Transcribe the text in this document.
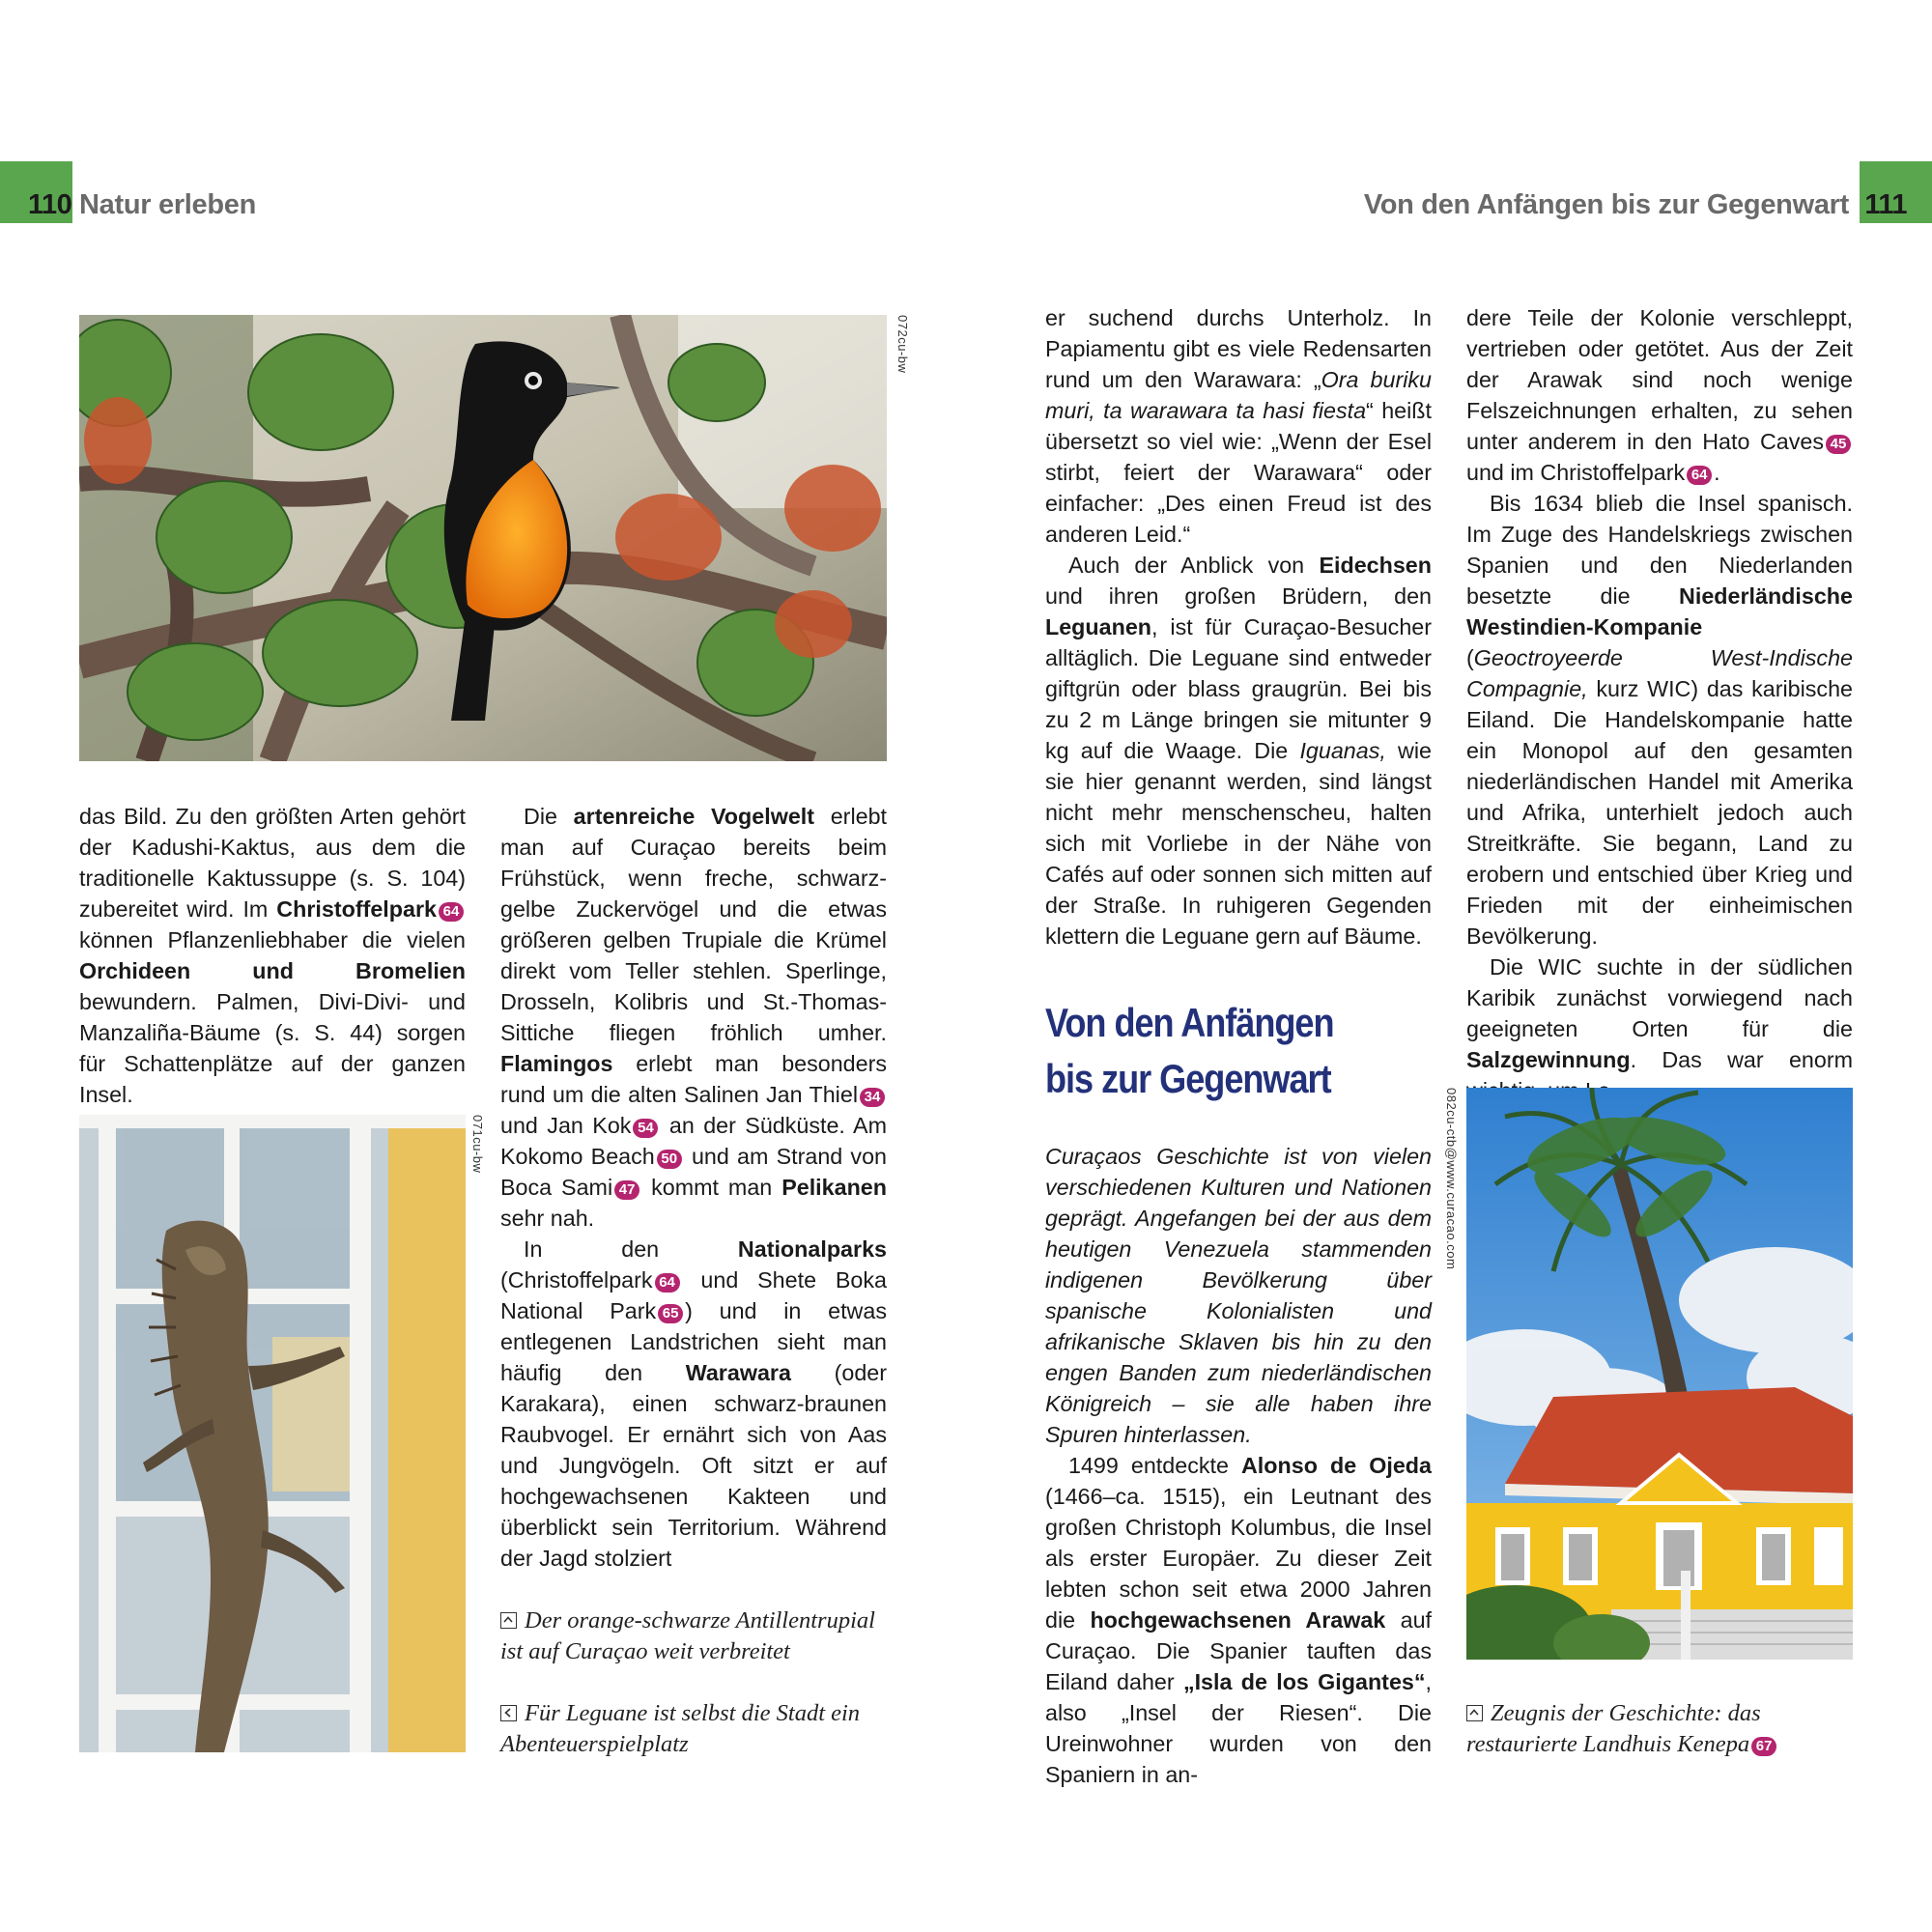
110 Natur erleben	Von den Anfängen bis zur Gegenwart 111
072cu-bw

das Bild. Zu den größten Arten gehört der Kadushi-Kaktus, aus dem die traditionelle Kaktussuppe (s. S. 104) zubereitet wird. Im Christoffelpark 64 können Pflanzenliebhaber die vielen Orchideen und Bromelien bewundern. Palmen, Divi-Divi- und Manzaliña-Bäume (s. S. 44) sorgen für Schattenplätze auf der ganzen Insel.

071cu-bw

Die artenreiche Vogelwelt erlebt man auf Curaçao bereits beim Frühstück, wenn freche, schwarz-gelbe Zuckervögel und die etwas größeren gelben Trupiale die Krümel direkt vom Teller stehlen. Sperlinge, Drosseln, Kolibris und St.-Thomas-Sittiche fliegen fröhlich umher. Flamingos erlebt man besonders rund um die alten Salinen Jan Thiel 34 und Jan Kok 54 an der Südküste. Am Kokomo Beach 50 und am Strand von Boca Sami 47 kommt man Pelikanen sehr nah.

In den Nationalparks (Christoffelpark 64 und Shete Boka National Park 65 ) und in etwas entlegenen Landstrichen sieht man häufig den Warawara (oder Karakara), einen schwarz-braunen Raubvogel. Er ernährt sich von Aas und Jungvögeln. Oft sitzt er auf hochgewachsenen Kakteen und überblickt sein Territorium. Während der Jagd stolziert

Der orange-schwarze Antillentrupial ist auf Curaçao weit verbreitet
Für Leguane ist selbst die Stadt ein Abenteuerspielplatz

er suchend durchs Unterholz. In Papiamentu gibt es viele Redensarten rund um den Warawara: „Ora buriku muri, ta warawara ta hasi fiesta“ heißt übersetzt so viel wie: „Wenn der Esel stirbt, feiert der Warawara“ oder einfacher: „Des einen Freud ist des anderen Leid.“

Auch der Anblick von Eidechsen und ihren großen Brüdern, den Leguanen, ist für Curaçao-Besucher alltäglich. Die Leguane sind entweder giftgrün oder blass graugrün. Bei bis zu 2 m Länge bringen sie mitunter 9 kg auf die Waage. Die Iguanas, wie sie hier genannt werden, sind längst nicht mehr menschenscheu, halten sich mit Vorliebe in der Nähe von Cafés auf oder sonnen sich mitten auf der Straße. In ruhigeren Gegenden klettern die Leguane gern auf Bäume.

Von den Anfängen
bis zur Gegenwart

Curaçaos Geschichte ist von vielen verschiedenen Kulturen und Nationen geprägt. Angefangen bei der aus dem heutigen Venezuela stammenden indigenen Bevölkerung über spanische Kolonialisten und afrikanische Sklaven bis hin zu den engen Banden zum niederländischen Königreich – sie alle haben ihre Spuren hinterlassen.

1499 entdeckte Alonso de Ojeda (1466–ca. 1515), ein Leutnant des großen Christoph Kolumbus, die Insel als erster Europäer. Zu dieser Zeit lebten schon seit etwa 2000 Jahren die hochgewachsenen Arawak auf Curaçao. Die Spanier tauften das Eiland daher „Isla de los Gigantes“, also „Insel der Riesen“. Die Ureinwohner wurden von den Spaniern in an-

dere Teile der Kolonie verschleppt, vertrieben oder getötet. Aus der Zeit der Arawak sind noch wenige Felszeichnungen erhalten, zu sehen unter anderem in den Hato Caves 45 und im Christoffelpark 64 .

Bis 1634 blieb die Insel spanisch. Im Zuge des Handelskriegs zwischen Spanien und den Niederlanden besetzte die Niederländische Westindien-Kompanie (Geoctroyeerde West-Indische Compagnie, kurz WIC) das karibische Eiland. Die Handelskompanie hatte ein Monopol auf den gesamten niederländischen Handel mit Amerika und Afrika, unterhielt jedoch auch Streitkräfte. Sie begann, Land zu erobern und entschied über Krieg und Frieden mit der einheimischen Bevölkerung.

Die WIC suchte in der südlichen Karibik zunächst vorwiegend nach geeigneten Orten für die Salzgewinnung. Das war enorm

082cu-ctb@www.curacao.com
Zeugnis der Geschichte: das restaurierte Landhuis Kenepa 67
